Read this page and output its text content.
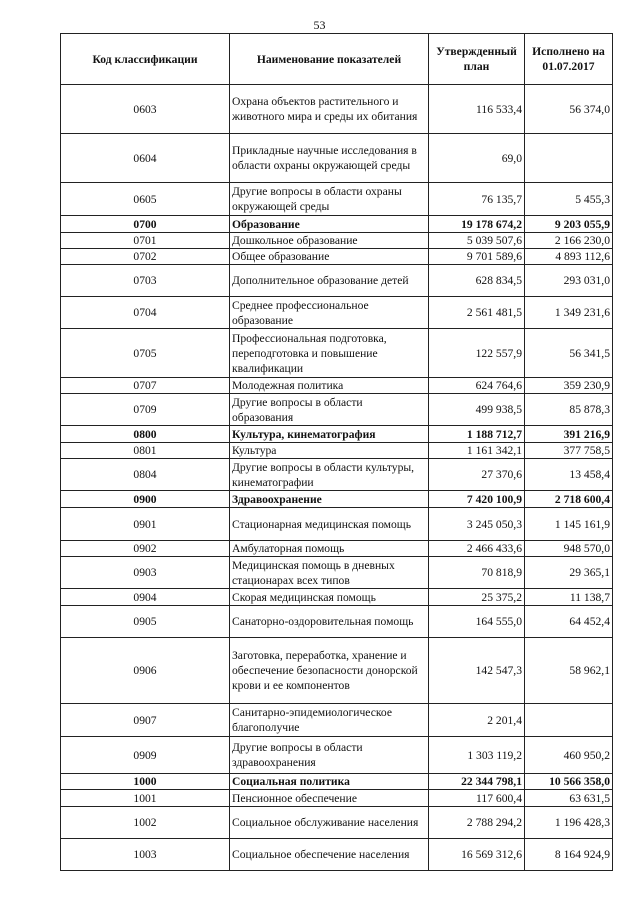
53
Код классификации	Наименование показателей	Утвержденный план	Исполнено на 01.07.2017
0603	Охрана объектов растительного и животного мира и среды их обитания	116 533,4	56 374,0
0604	Прикладные научные исследования в области охраны окружающей среды	69,0	
0605	Другие вопросы в области охраны окружающей среды	76 135,7	5 455,3
0700	Образование	19 178 674,2	9 203 055,9
0701	Дошкольное образование	5 039 507,6	2 166 230,0
0702	Общее образование	9 701 589,6	4 893 112,6
0703	Дополнительное образование детей	628 834,5	293 031,0
0704	Среднее профессиональное образование	2 561 481,5	1 349 231,6
0705	Профессиональная подготовка, переподготовка и повышение квалификации	122 557,9	56 341,5
0707	Молодежная политика	624 764,6	359 230,9
0709	Другие вопросы в области образования	499 938,5	85 878,3
0800	Культура, кинематография	1 188 712,7	391 216,9
0801	Культура	1 161 342,1	377 758,5
0804	Другие вопросы в области культуры, кинематографии	27 370,6	13 458,4
0900	Здравоохранение	7 420 100,9	2 718 600,4
0901	Стационарная медицинская помощь	3 245 050,3	1 145 161,9
0902	Амбулаторная помощь	2 466 433,6	948 570,0
0903	Медицинская помощь в дневных стационарах всех типов	70 818,9	29 365,1
0904	Скорая медицинская помощь	25 375,2	11 138,7
0905	Санаторно-оздоровительная помощь	164 555,0	64 452,4
0906	Заготовка, переработка, хранение и обеспечение безопасности донорской крови и ее компонентов	142 547,3	58 962,1
0907	Санитарно-эпидемиологическое благополучие	2 201,4	
0909	Другие вопросы в области здравоохранения	1 303 119,2	460 950,2
1000	Социальная политика	22 344 798,1	10 566 358,0
1001	Пенсионное обеспечение	117 600,4	63 631,5
1002	Социальное обслуживание населения	2 788 294,2	1 196 428,3
1003	Социальное обеспечение населения	16 569 312,6	8 164 924,9
